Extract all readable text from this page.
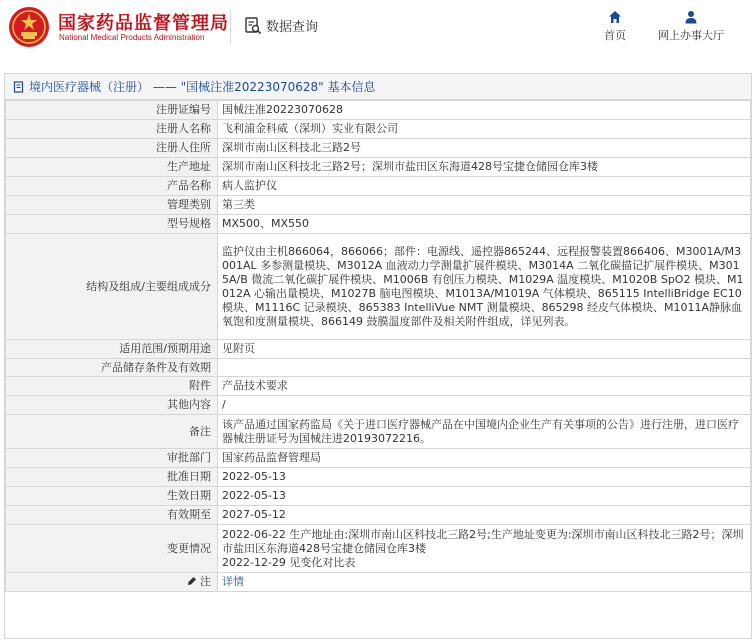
国家药品监督管理局
National Medical Products Administration
数据查询
首页	网上办事大厅
境内医疗器械（注册） —— "国械注准20223070628" 基本信息
注册证编号	国械注准20223070628
注册人名称	飞利浦金科威（深圳）实业有限公司
注册人住所	深圳市南山区科技北三路2号
生产地址	深圳市南山区科技北三路2号；深圳市盐田区东海道428号宝捷仓储园仓库3楼
产品名称	病人监护仪
管理类别	第三类
型号规格	MX500、MX550
结构及组成/主要组成成分	监护仪由主机866064，866066；部件：电源线、遥控器865244、远程报警装置866406、M3001A/M3001AL 多参测量模块、M3012A 血液动力学测量扩展件模块、M3014A 二氧化碳描记扩展件模块、M3015A/B 微流二氧化碳扩展件模块、M1006B 有创压力模块、M1029A 温度模块、M1020B SpO2 模块、M1012A 心输出量模块、M1027B 脑电图模块、M1013A/M1019A 气体模块、865115 IntelliBridge EC10 模块、M1116C 记录模块、865383 IntelliVue NMT 测量模块、865298 经皮气体模块、M1011A静脉血氧饱和度测量模块、866149 鼓膜温度部件及相关附件组成，详见列表。
适用范围/预期用途	见附页
产品储存条件及有效期	
附件	产品技术要求
其他内容	/
备注	该产品通过国家药监局《关于进口医疗器械产品在中国境内企业生产有关事项的公告》进行注册，进口医疗器械注册证号为国械注进20193072216。
审批部门	国家药品监督管理局
批准日期	2022-05-13
生效日期	2022-05-13
有效期至	2027-05-12
变更情况	2022-06-22 生产地址由:深圳市南山区科技北三路2号;生产地址变更为:深圳市南山区科技北三路2号；深圳市盐田区东海道428号宝捷仓储园仓库3楼
2022-12-29 见变化对比表

注	详情
